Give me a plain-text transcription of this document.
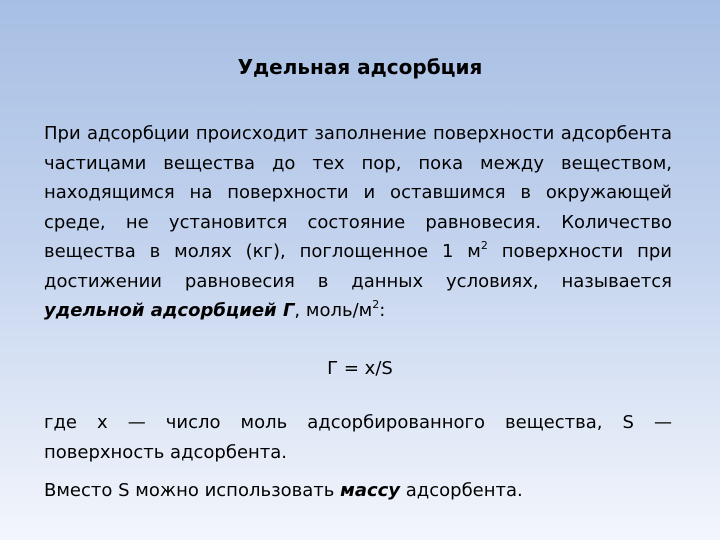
Удельная адсорбция

При адсорбции происходит заполнение поверхности адсорбента частицами вещества до тех пор, пока между веществом, находящимся на поверхности и оставшимся в окружающей среде, не установится состояние равновесия. Количество вещества в молях (кг), поглощенное 1 $м^2$ поверхности при достижении равновесия в данных условиях, называется удельной адсорбцией Г, моль/$м^2$:

Г = x/S

где x — число моль адсорбированного вещества, S — поверхность адсорбента.

Вместо S можно использовать массу адсорбента.
